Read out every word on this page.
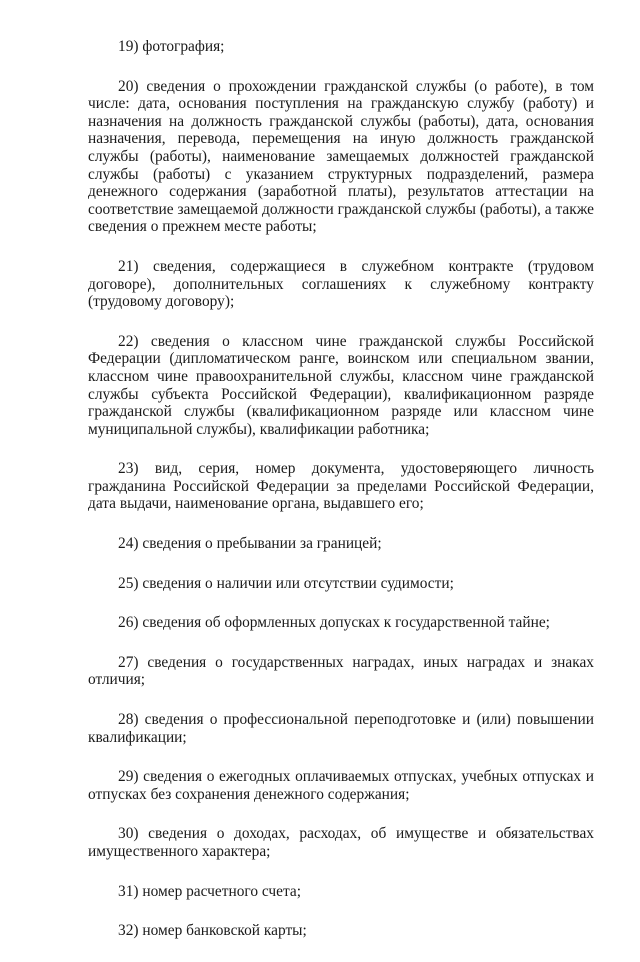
19) фотография;

20) сведения о прохождении гражданской службы (о работе), в том числе: дата, основания поступления на гражданскую службу (работу) и назначения на должность гражданской службы (работы), дата, основания назначения, перевода, перемещения на иную должность гражданской службы (работы), наименование замещаемых должностей гражданской службы (работы) с указанием структурных подразделений, размера денежного содержания (заработной платы), результатов аттестации на соответствие замещаемой должности гражданской службы (работы), а также сведения о прежнем месте работы;

21) сведения, содержащиеся в служебном контракте (трудовом договоре), дополнительных соглашениях к служебному контракту (трудовому договору);

22) сведения о классном чине гражданской службы Российской Федерации (дипломатическом ранге, воинском или специальном звании, классном чине правоохранительной службы, классном чине гражданской службы субъекта Российской Федерации), квалификационном разряде гражданской службы (квалификационном разряде или классном чине муниципальной службы), квалификации работника;

23) вид, серия, номер документа, удостоверяющего личность гражданина Российской Федерации за пределами Российской Федерации, дата выдачи, наименование органа, выдавшего его;

24) сведения о пребывании за границей;

25) сведения о наличии или отсутствии судимости;

26) сведения об оформленных допусках к государственной тайне;

27) сведения о государственных наградах, иных наградах и знаках отличия;

28) сведения о профессиональной переподготовке и (или) повышении квалификации;

29) сведения о ежегодных оплачиваемых отпусках, учебных отпусках и отпусках без сохранения денежного содержания;

30) сведения о доходах, расходах, об имуществе и обязательствах имущественного характера;

31) номер расчетного счета;

32) номер банковской карты;
